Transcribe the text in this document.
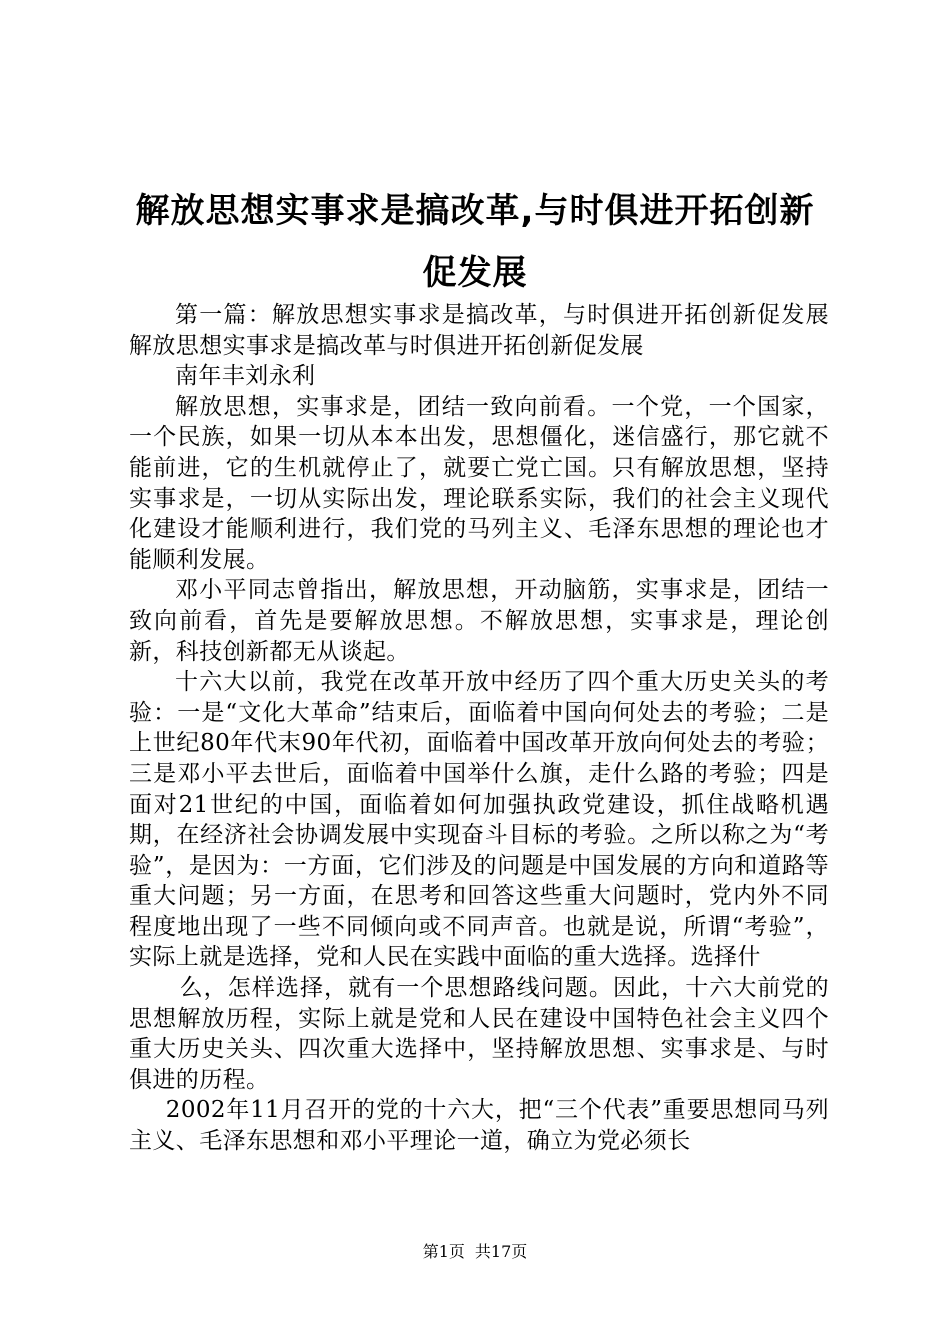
解放思想实事求是搞改革,与时俱进开拓创新促发展

第一篇：解放思想实事求是搞改革，与时俱进开拓创新促发展解放思想实事求是搞改革与时俱进开拓创新促发展

南年丰刘永利

解放思想，实事求是，团结一致向前看。一个党，一个国家，一个民族，如果一切从本本出发，思想僵化，迷信盛行，那它就不能前进，它的生机就停止了，就要亡党亡国。只有解放思想，坚持实事求是，一切从实际出发，理论联系实际，我们的社会主义现代化建设才能顺利进行，我们党的马列主义、毛泽东思想的理论也才能顺利发展。

邓小平同志曾指出，解放思想，开动脑筋，实事求是，团结一致向前看，首先是要解放思想。不解放思想，实事求是，理论创新，科技创新都无从谈起。

十六大以前，我党在改革开放中经历了四个重大历史关头的考验：一是“文化大革命”结束后，面临着中国向何处去的考验；二是上世纪80年代末90年代初，面临着中国改革开放向何处去的考验；三是邓小平去世后，面临着中国举什么旗，走什么路的考验；四是面对21世纪的中国，面临着如何加强执政党建设，抓住战略机遇期，在经济社会协调发展中实现奋斗目标的考验。之所以称之为“考验”，是因为：一方面，它们涉及的问题是中国发展的方向和道路等重大问题；另一方面，在思考和回答这些重大问题时，党内外不同程度地出现了一些不同倾向或不同声音。也就是说，所谓“考验”，实际上就是选择，党和人民在实践中面临的重大选择。选择什

么，怎样选择，就有一个思想路线问题。因此，十六大前党的思想解放历程，实际上就是党和人民在建设中国特色社会主义四个重大历史关头、四次重大选择中，坚持解放思想、实事求是、与时俱进的历程。

2002年11月召开的党的十六大，把“三个代表”重要思想同马列主义、毛泽东思想和邓小平理论一道，确立为党必须长

第1页 共17页
